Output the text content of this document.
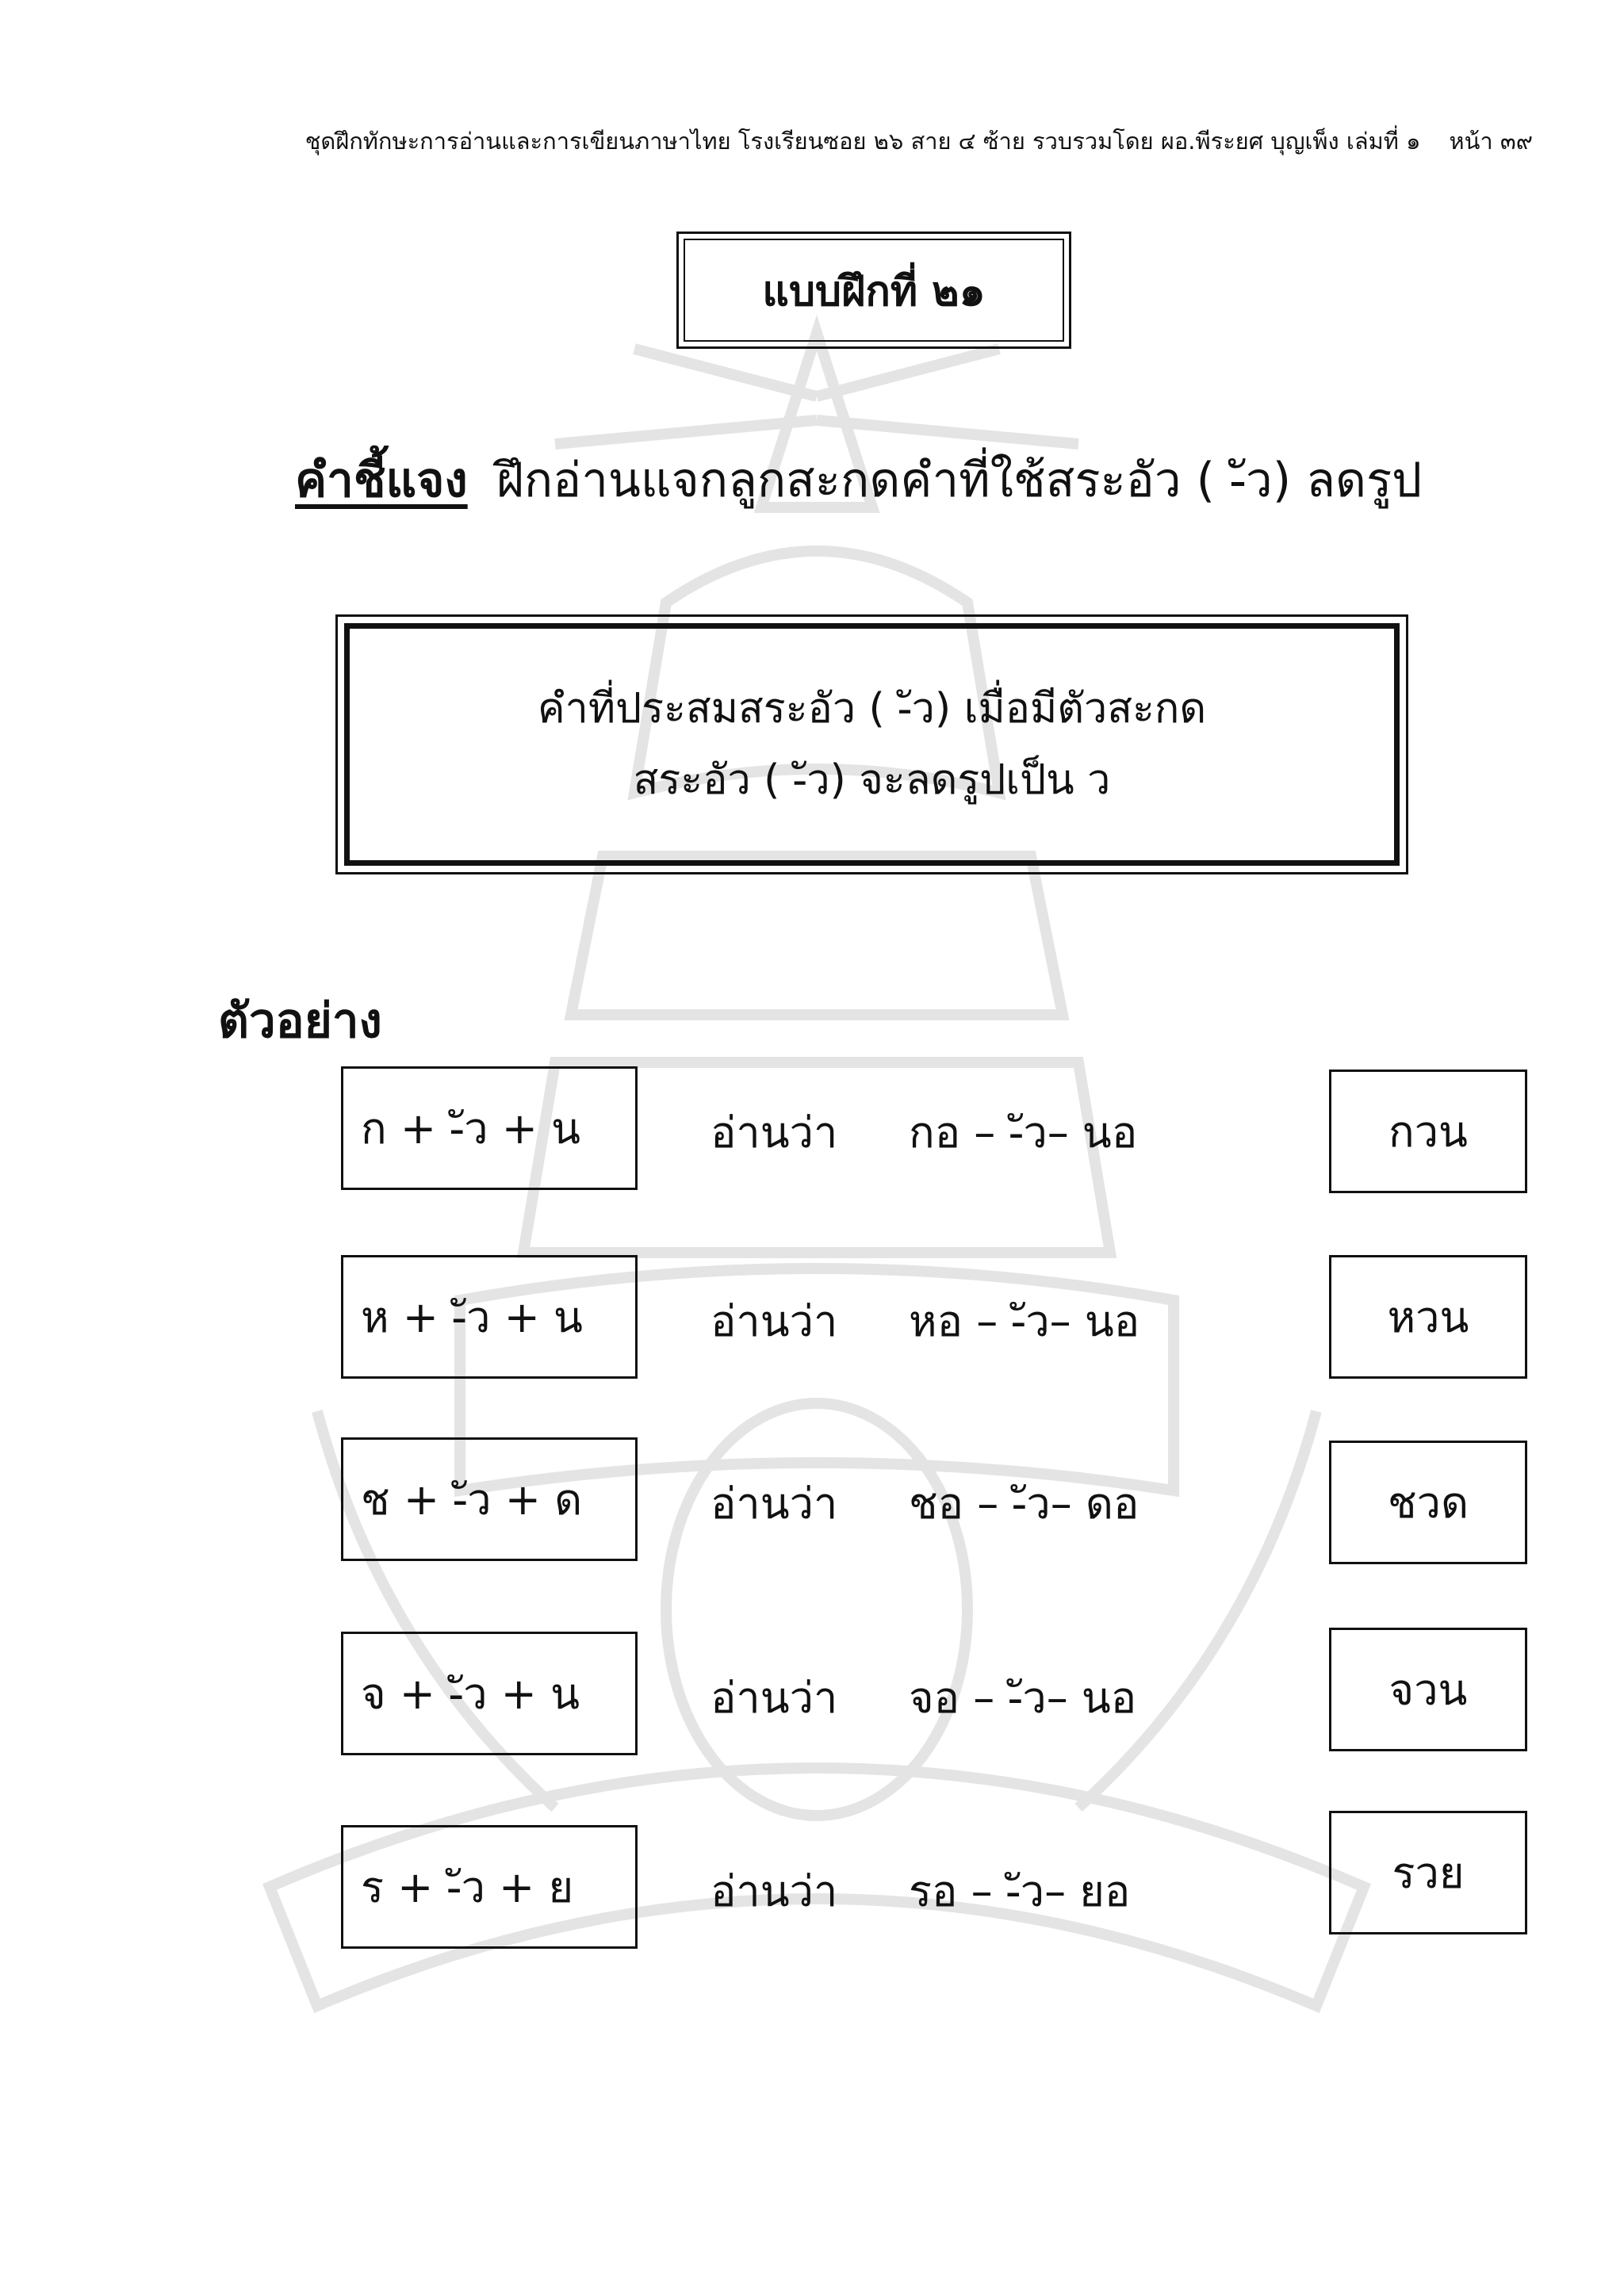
ชุดฝึกทักษะการอ่านและการเขียนภาษาไทย โรงเรียนซอย ๒๖ สาย ๔ ซ้าย รวบรวมโดย ผอ.พีระยศ บุญเพ็ง เล่มที่ ๑ หน้า ๓๙
แบบฝึกที่ ๒๑
คำชี้แจง ฝึกอ่านแจกลูกสะกดคำที่ใช้สระอัว ( -ัว) ลดรูป
คำที่ประสมสระอัว ( -ัว) เมื่อมีตัวสะกด
สระอัว ( -ัว) จะลดรูปเป็น ว
ตัวอย่าง
ก + -ัว + น	อ่านว่า กอ – -ัว– นอ	กวน
ห + -ัว + น	อ่านว่า หอ – -ัว– นอ	หวน
ช + -ัว + ด	อ่านว่า ชอ – -ัว– ดอ	ชวด
จ + -ัว + น	อ่านว่า จอ – -ัว– นอ	จวน
ร + -ัว + ย	อ่านว่า รอ – -ัว– ยอ	รวย
